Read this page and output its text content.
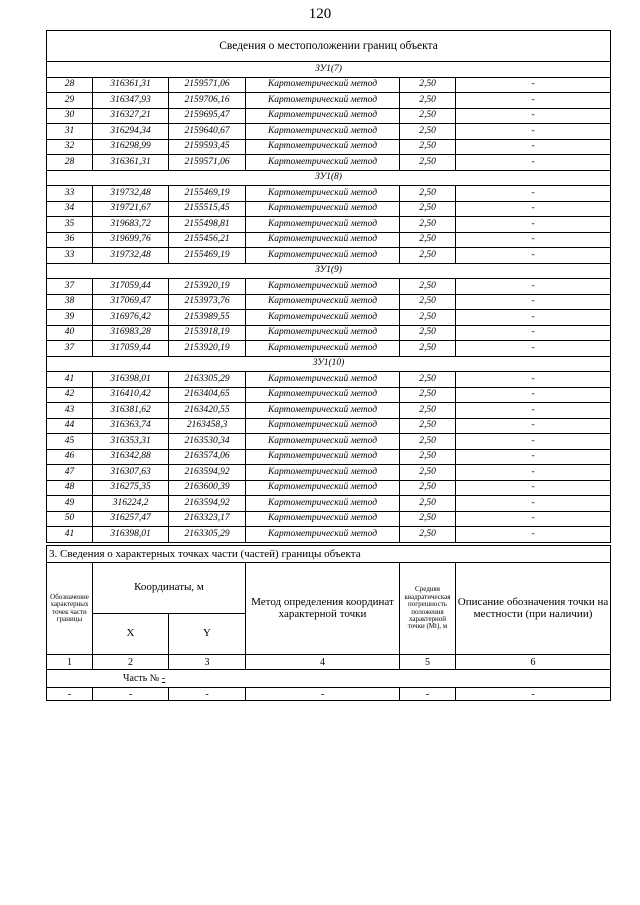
120
Сведения о местоположении границ объекта					
ЗУ1(7)					
28	316361,31	2159571,06	Картометрический метод	2,50	-
29	316347,93	2159706,16	Картометрический метод	2,50	-
30	316327,21	2159695,47	Картометрический метод	2,50	-
31	316294,34	2159640,67	Картометрический метод	2,50	-
32	316298,99	2159593,45	Картометрический метод	2,50	-
28	316361,31	2159571,06	Картометрический метод	2,50	-
ЗУ1(8)					
33	319732,48	2155469,19	Картометрический метод	2,50	-
34	319721,67	2155515,45	Картометрический метод	2,50	-
35	319683,72	2155498,81	Картометрический метод	2,50	-
36	319699,76	2155456,21	Картометрический метод	2,50	-
33	319732,48	2155469,19	Картометрический метод	2,50	-
ЗУ1(9)					
37	317059,44	2153920,19	Картометрический метод	2,50	-
38	317069,47	2153973,76	Картометрический метод	2,50	-
39	316976,42	2153989,55	Картометрический метод	2,50	-
40	316983,28	2153918,19	Картометрический метод	2,50	-
37	317059,44	2153920,19	Картометрический метод	2,50	-
ЗУ1(10)					
41	316398,01	2163305,29	Картометрический метод	2,50	-
42	316410,42	2163404,65	Картометрический метод	2,50	-
43	316381,62	2163420,55	Картометрический метод	2,50	-
44	316363,74	2163458,3	Картометрический метод	2,50	-
45	316353,31	2163530,34	Картометрический метод	2,50	-
46	316342,88	2163574,06	Картометрический метод	2,50	-
47	316307,63	2163594,92	Картометрический метод	2,50	-
48	316275,35	2163600,39	Картометрический метод	2,50	-
49	316224,2	2163594,92	Картометрический метод	2,50	-
50	316257,47	2163323,17	Картометрический метод	2,50	-
41	316398,01	2163305,29	Картометрический метод	2,50	-
3. Сведения о характерных точках части (частей) границы объекта					
Обозначение характерных точек части границы	Координаты, м		Метод определения координат характерной точки	Средняя квадратическая погрешность положения характерной точки (Mt), м	Описание обозначения точки на местности (при наличии)
	X	Y			
1	2	3	4	5	6
Часть № -					
-	-	-	-	-	-
